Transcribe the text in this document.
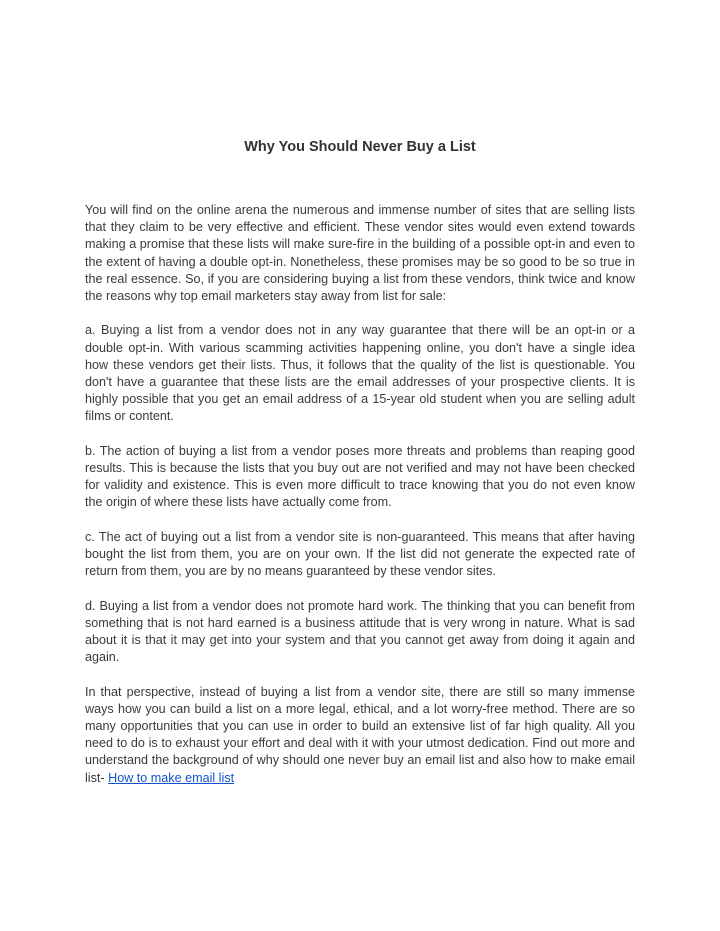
Why You Should Never Buy a List

You will find on the online arena the numerous and immense number of sites that are selling lists that they claim to be very effective and efficient. These vendor sites would even extend towards making a promise that these lists will make sure-fire in the building of a possible opt-in and even to the extent of having a double opt-in. Nonetheless, these promises may be so good to be so true in the real essence. So, if you are considering buying a list from these vendors, think twice and know the reasons why top email marketers stay away from list for sale:

a. Buying a list from a vendor does not in any way guarantee that there will be an opt-in or a double opt-in. With various scamming activities happening online, you don't have a single idea how these vendors get their lists. Thus, it follows that the quality of the list is questionable. You don't have a guarantee that these lists are the email addresses of your prospective clients. It is highly possible that you get an email address of a 15-year old student when you are selling adult films or content.

b. The action of buying a list from a vendor poses more threats and problems than reaping good results. This is because the lists that you buy out are not verified and may not have been checked for validity and existence. This is even more difficult to trace knowing that you do not even know the origin of where these lists have actually come from.

c. The act of buying out a list from a vendor site is non-guaranteed. This means that after having bought the list from them, you are on your own. If the list did not generate the expected rate of return from them, you are by no means guaranteed by these vendor sites.

d. Buying a list from a vendor does not promote hard work. The thinking that you can benefit from something that is not hard earned is a business attitude that is very wrong in nature. What is sad about it is that it may get into your system and that you cannot get away from doing it again and again.

In that perspective, instead of buying a list from a vendor site, there are still so many immense ways how you can build a list on a more legal, ethical, and a lot worry-free method. There are so many opportunities that you can use in order to build an extensive list of far high quality. All you need to do is to exhaust your effort and deal with it with your utmost dedication. Find out more and understand the background of why should one never buy an email list and also how to make email list- How to make email list
